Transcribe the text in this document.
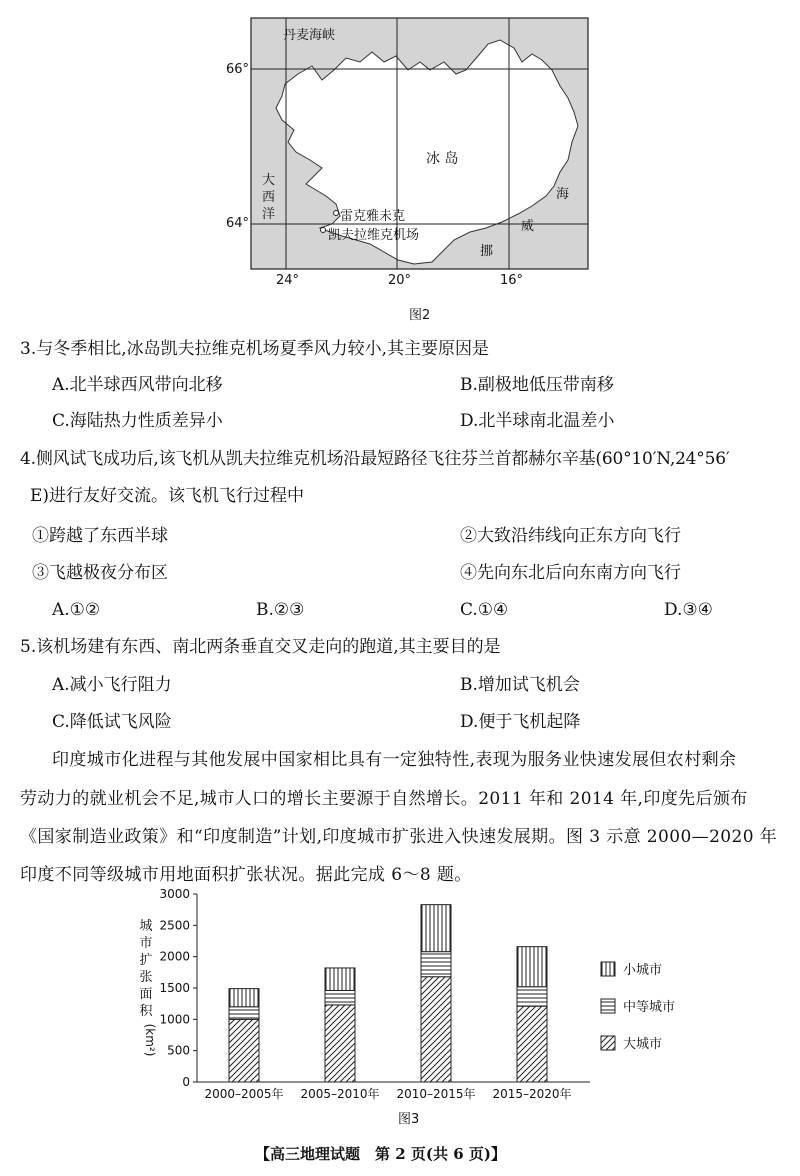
丹麦海峡
冰 岛
大西洋
海
威
挪
雷克雅未克
凯夫拉维克机场
66°
64°
24°	20°	16°
图2
3.与冬季相比,冰岛凯夫拉维克机场夏季风力较小,其主要原因是
A.北半球西风带向北移	B.副极地低压带南移
C.海陆热力性质差异小	D.北半球南北温差小
4.侧风试飞成功后,该飞机从凯夫拉维克机场沿最短路径飞往芬兰首都赫尔辛基(60°10′N,24°56′
E)进行友好交流。该飞机飞行过程中
①跨越了东西半球	②大致沿纬线向正东方向飞行
③飞越极夜分布区	④先向东北后向东南方向飞行
A.①②	B.②③	C.①④	D.③④
5.该机场建有东西、南北两条垂直交叉走向的跑道,其主要目的是
A.减小飞行阻力	B.增加试飞机会
C.降低试飞风险	D.便于飞机起降
印度城市化进程与其他发展中国家相比具有一定独特性,表现为服务业快速发展但农村剩余
劳动力的就业机会不足,城市人口的增长主要源于自然增长。2011 年和 2014 年,印度先后颁布
《国家制造业政策》和“印度制造”计划,印度城市扩张进入快速发展期。图 3 示意 2000—2020 年
印度不同等级城市用地面积扩张状况。据此完成 6～8 题。
0
500
1000
1500
2000
2500
3000
城
市
扩
张
面
积
(km²)
2000–2005年 2005–2010年 2010–2015年 2015–2020年
小城市
中等城市
大城市
图3
【高三地理试题　第 2 页(共 6 页)】
